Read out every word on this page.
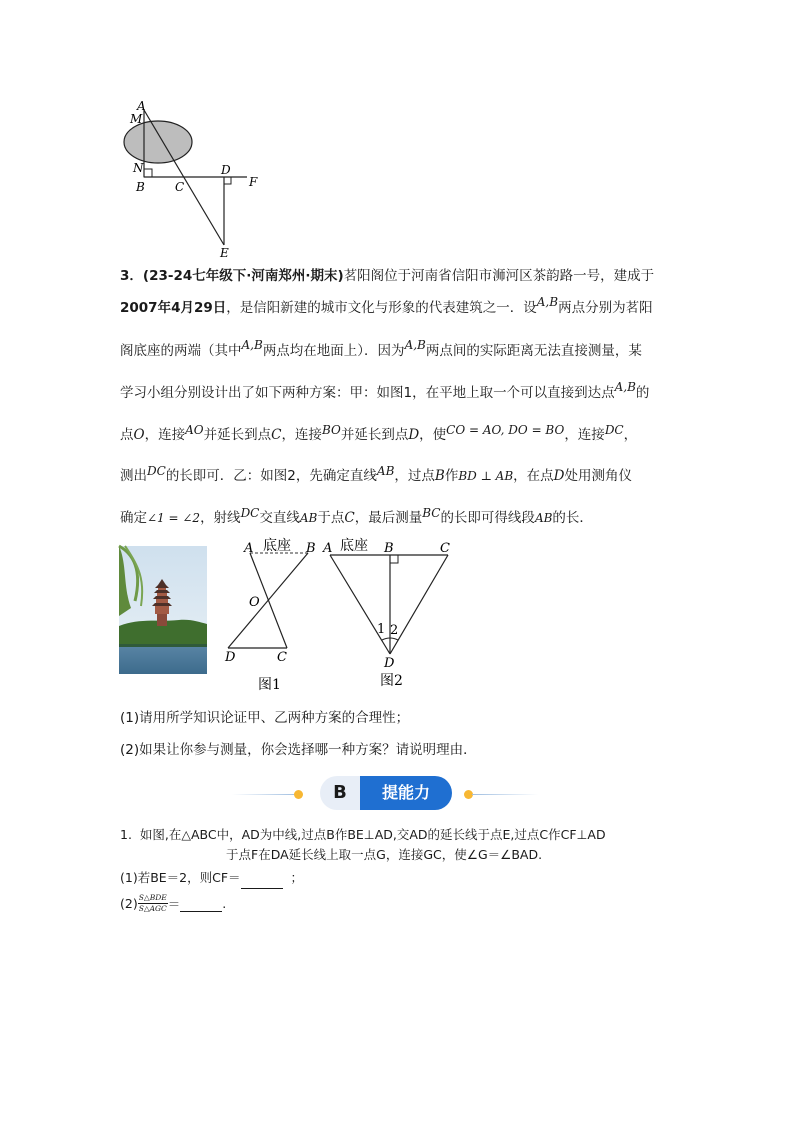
A
M
N
B	C
D
F
E
3．(23-24七年级下·河南郑州·期末)茗阳阁位于河南省信阳市浉河区茶韵路一号，建成于
2007年4月29日，是信阳新建的城市文化与形象的代表建筑之一．设A,B两点分别为茗阳
阁底座的两端（其中A,B两点均在地面上）．因为A,B两点间的实际距离无法直接测量，某
学习小组分别设计出了如下两种方案：甲：如图1，在平地上取一个可以直接到达点A,B的
点O，连接AO并延长到点C，连接BO并延长到点D，使CO = AO, DO = BO，连接DC，
测出DC的长即可．乙：如图2，先确定直线AB，过点B作BD ⊥ AB，在点D处用测角仪
确定∠1 = ∠2，射线DC交直线AB于点C，最后测量BC的长即可得线段AB的长．
A 底座 B
O
D	C
图1
A 底座 B	C
1 2
D
图2
(1)请用所学知识论证甲、乙两种方案的合理性；
(2)如果让你参与测量，你会选择哪一种方案？请说明理由．
B	提能力
1. 如图,在△ABC中，AD为中线,过点B作BE⊥AD,交AD的延长线于点E,过点C作CF⊥AD
于点F在DA延长线上取一点G，连接GC，使∠G＝∠BAD.
(1)若BE＝2，则CF＝	；
(2) S△BDE
S△AGC ＝	.
